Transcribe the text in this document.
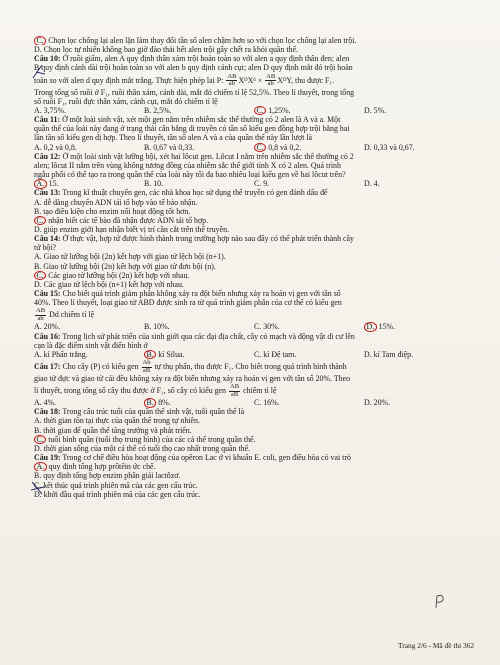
C. Chọn lọc chống lại alen lặn làm thay đổi tần số alen chậm hơn so với chọn lọc chống lại alen trội.
D. Chọn lọc tự nhiên không bao giờ đào thải hết alen trội gây chết ra khỏi quần thể.
Câu 10: Ở ruồi giấm, alen A quy định thân xám trội hoàn toàn so với alen a quy định thân đen; alen
B quy định cánh dài trội hoàn toàn so với alen b quy định cánh cụt; alen D quy định mắt đỏ trội hoàn
toàn so với alen d quy định mắt trắng. Thực hiện phép lai P: $\frac{AB}{ab}$ XᴰXᵈ × $\frac{AB}{ab}$ XᴰY, thu được F₁.
Trong tổng số ruồi ở F₁, ruồi thân xám, cánh dài, mắt đỏ chiếm tỉ lệ 52,5%. Theo lí thuyết, trong tổng
số ruồi F₁, ruồi đực thân xám, cánh cụt, mắt đỏ chiếm tỉ lệ
A. 3,75%.	B. 2,5%.	C. 1,25%.	D. 5%.
Câu 11: Ở một loài sinh vật, xét một gen nằm trên nhiễm sắc thể thường có 2 alen là A và a. Một
quần thể của loài này đang ở trạng thái cân bằng di truyền có tần số kiểu gen đồng hợp trội bằng hai
lần tần số kiểu gen dị hợp. Theo lí thuyết, tần số alen A và a của quần thể này lần lượt là
A. 0,2 và 0,8.	B. 0,67 và 0,33.	C. 0,8 và 0,2.	D. 0,33 và 0,67.
Câu 12: Ở một loài sinh vật lưỡng bội, xét hai lôcut gen. Lôcut I nằm trên nhiễm sắc thể thường có 2
alen; lôcut II nằm trên vùng không tương đồng của nhiễm sắc thể giới tính X có 2 alen. Quá trình
ngẫu phối có thể tạo ra trong quần thể của loài này tối đa bao nhiêu loại kiểu gen về hai lôcut trên?
A. 15.	B. 10.	C. 9.	D. 4.
Câu 13: Trong kĩ thuật chuyển gen, các nhà khoa học sử dụng thể truyền có gen đánh dấu để
A. dễ dàng chuyển ADN tái tổ hợp vào tế bào nhận.
B. tạo điều kiện cho enzim nối hoạt động tốt hơn.
C. nhận biết các tế bào đã nhận được ADN tái tổ hợp.
D. giúp enzim giới hạn nhận biết vị trí cần cắt trên thể truyền.
Câu 14: Ở thực vật, hợp tử được hình thành trong trường hợp nào sau đây có thể phát triển thành cây
tứ bội?
A. Giao tử lưỡng bội (2n) kết hợp với giao tử lệch bội (n+1).
B. Giao tử lưỡng bội (2n) kết hợp với giao tử đơn bội (n).
C. Các giao tử lưỡng bội (2n) kết hợp với nhau.
D. Các giao tử lệch bội (n+1) kết hợp với nhau.
Câu 15: Cho biết quá trình giảm phân không xảy ra đột biến nhưng xảy ra hoán vị gen với tần số
40%. Theo lí thuyết, loại giao tử ABD được sinh ra từ quá trình giảm phân của cơ thể có kiểu gen
$\frac{AB}{ab}$ Dd chiếm tỉ lệ
A. 20%.	B. 10%.	C. 30%.	D. 15%.
Câu 16: Trong lịch sử phát triển của sinh giới qua các đại địa chất, cây có mạch và động vật di cư lên
cạn là đặc điểm sinh vật điển hình ở
A. kỉ Phấn trắng.	B. kỉ Silua.	C. kỉ Đệ tam.	D. kỉ Tam điệp.
Câu 17: Cho cây (P) có kiểu gen $\frac{Ab}{aB}$ tự thụ phấn, thu được F₁. Cho biết trong quá trình hình thành
giao tử đực và giao tử cái đều không xảy ra đột biến nhưng xảy ra hoán vị gen với tần số 20%. Theo
lí thuyết, trong tổng số cây thu được ở F₁, số cây có kiểu gen $\frac{AB}{aB}$ chiếm tỉ lệ
A. 4%.	B. 8%.	C. 16%.	D. 20%.
Câu 18: Trong cấu trúc tuổi của quần thể sinh vật, tuổi quần thể là
A. thời gian tồn tại thực của quần thể trong tự nhiên.
B. thời gian để quần thể tăng trưởng và phát triển.
C. tuổi bình quân (tuổi thọ trung bình) của các cá thể trong quần thể.
D. thời gian sống của một cá thể có tuổi thọ cao nhất trong quần thể.
Câu 19: Trong cơ chế điều hòa hoạt động của opêron Lac ở vi khuẩn E. coli, gen điều hòa có vai trò
A. quy định tổng hợp prôtêin ức chế.
B. quy định tổng hợp enzim phân giải lactôzơ.
C. kết thúc quá trình phiên mã của các gen cấu trúc.
D. khởi đầu quá trình phiên mã của các gen cấu trúc.
Trang 2/6 - Mã đề thi 362
